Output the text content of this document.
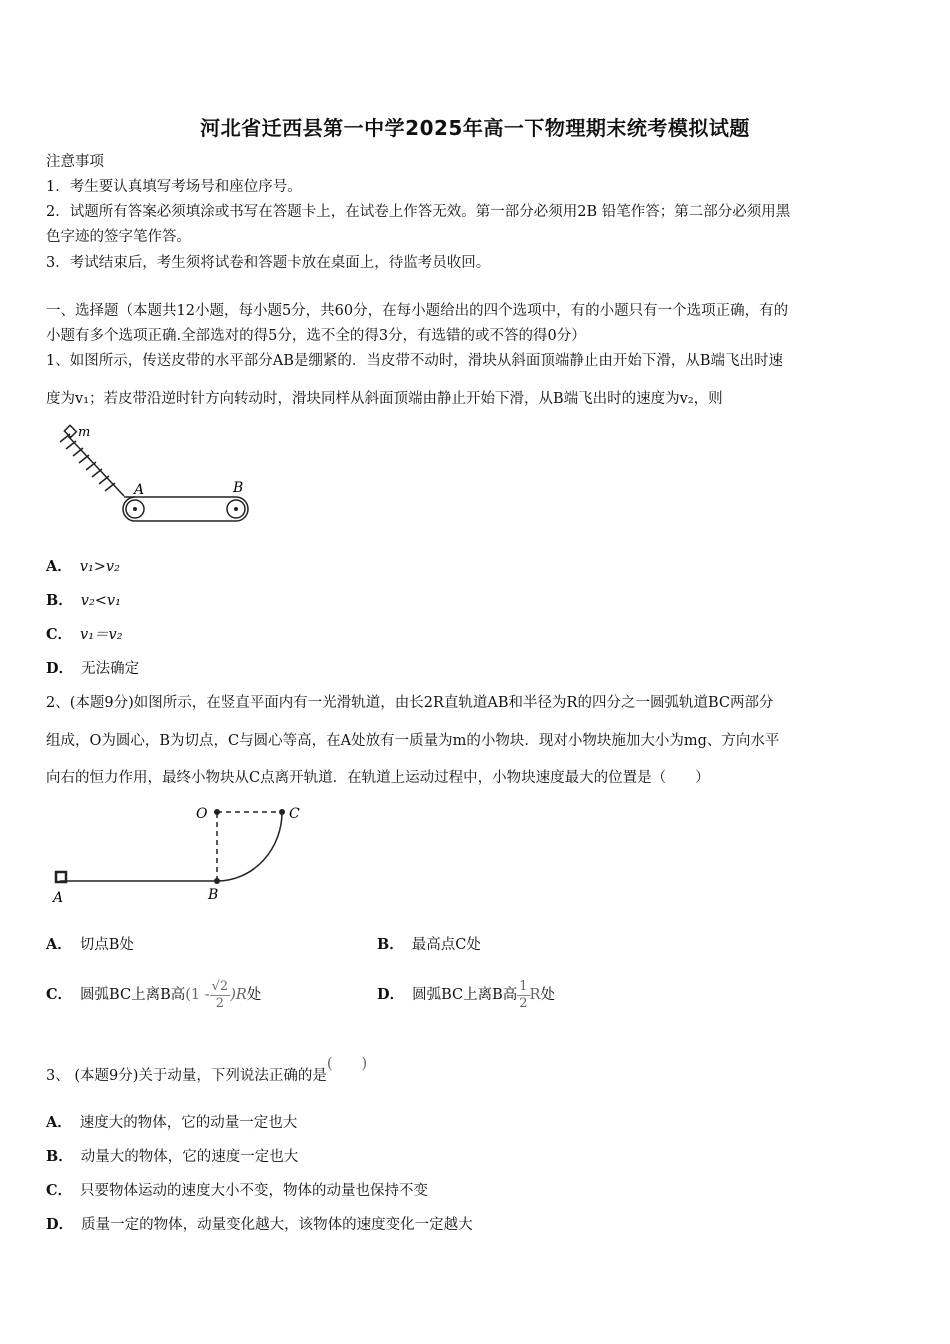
河北省迁西县第一中学2025年高一下物理期末统考模拟试题
注意事项
1．考生要认真填写考场号和座位序号。
2．试题所有答案必须填涂或书写在答题卡上，在试卷上作答无效。第一部分必须用2B 铅笔作答；第二部分必须用黑
色字迹的签字笔作答。
3．考试结束后，考生须将试卷和答题卡放在桌面上，待监考员收回。
一、选择题（本题共12小题，每小题5分，共60分，在每小题给出的四个选项中，有的小题只有一个选项正确，有的
小题有多个选项正确.全部选对的得5分，选不全的得3分，有选错的或不答的得0分）
1、如图所示，传送皮带的水平部分AB是绷紧的．当皮带不动时，滑块从斜面顶端静止由开始下滑，从B端飞出时速
度为v₁；若皮带沿逆时针方向转动时，滑块同样从斜面顶端由静止开始下滑，从B端飞出时的速度为v₂，则
m
A	B
A． v₁>v₂
B． v₂<v₁
C． v₁＝v₂
D． 无法确定
2、(本题9分)如图所示，在竖直平面内有一光滑轨道，由长2R直轨道AB和半径为R的四分之一圆弧轨道BC两部分
组成，O为圆心，B为切点，C与圆心等高，在A处放有一质量为m的小物块．现对小物块施加大小为mg、方向水平
向右的恒力作用，最终小物块从C点离开轨道．在轨道上运动过程中，小物块速度最大的位置是（　　）
O	C
A	B
A． 切点B处	B． 最高点C处
C． 圆弧BC上离B高$(1 - \frac{√2}{2} )R$处	D． 圆弧BC上离B高 $\frac{1}{2}$ R处
3、 (本题9分)关于动量，下列说法正确的是(　　)
A． 速度大的物体，它的动量一定也大
B． 动量大的物体，它的速度一定也大
C． 只要物体运动的速度大小不变，物体的动量也保持不变
D． 质量一定的物体，动量变化越大，该物体的速度变化一定越大
